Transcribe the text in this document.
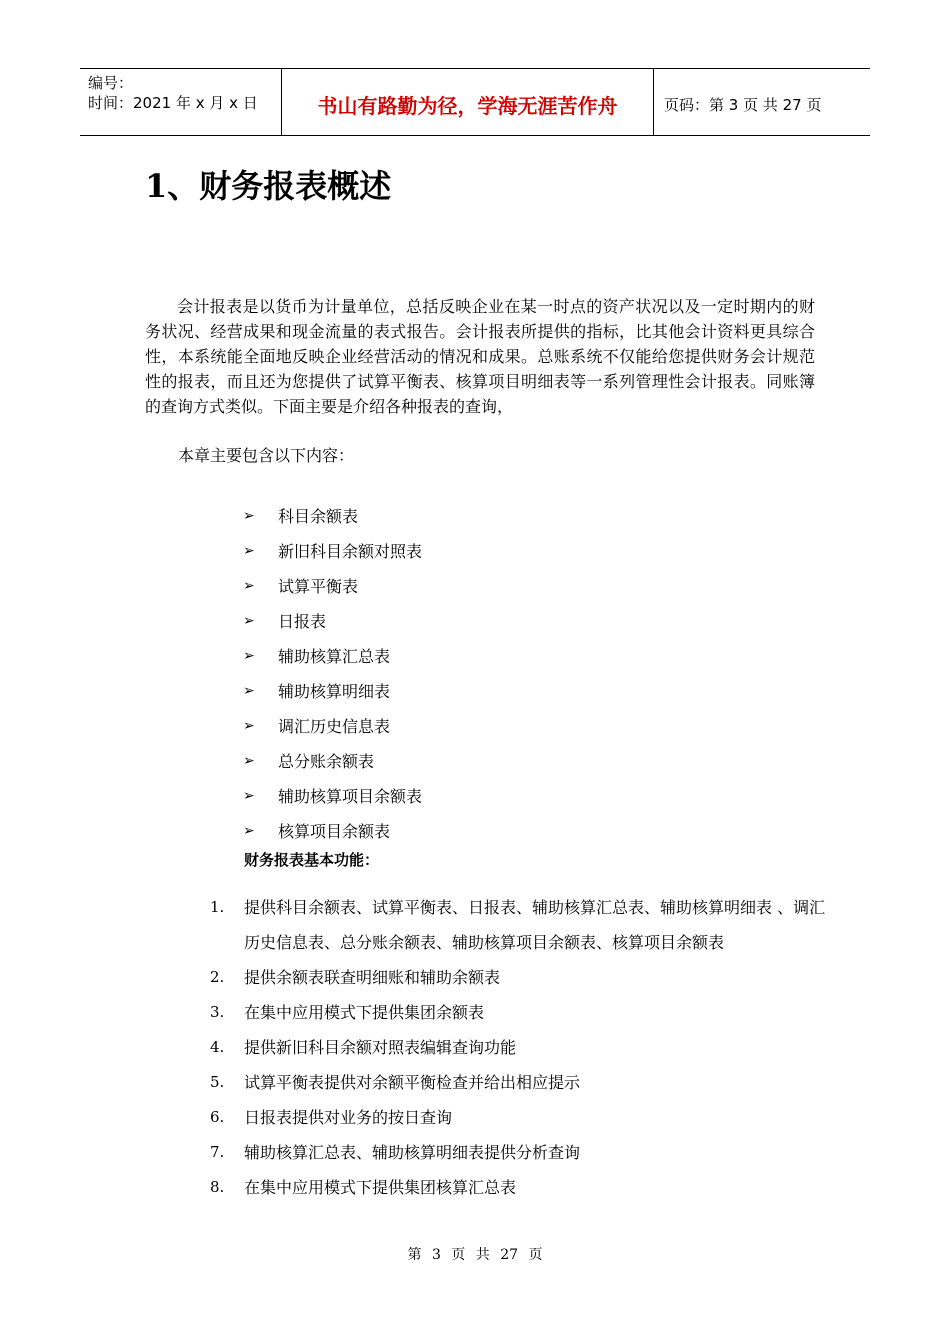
编号：
时间：2021 年 x 月 x 日	书山有路勤为径，学海无涯苦作舟	页码：第 3 页 共 27 页
1、财务报表概述

会计报表是以货币为计量单位，总括反映企业在某一时点的资产状况以及一定时期内的财务状况、经营成果和现金流量的表式报告。会计报表所提供的指标，比其他会计资料更具综合性，本系统能全面地反映企业经营活动的情况和成果。总账系统不仅能给您提供财务会计规范性的报表，而且还为您提供了试算平衡表、核算项目明细表等一系列管理性会计报表。同账簿的查询方式类似。下面主要是介绍各种报表的查询，

本章主要包含以下内容：

➢	科目余额表
➢	新旧科目余额对照表
➢	试算平衡表
➢	日报表
➢	辅助核算汇总表
➢	辅助核算明细表
➢	调汇历史信息表
➢	总分账余额表
➢	辅助核算项目余额表
➢	核算项目余额表

财务报表基本功能：

1.	提供科目余额表、试算平衡表、日报表、辅助核算汇总表、辅助核算明细表 、调汇历史信息表、总分账余额表、辅助核算项目余额表、核算项目余额表
2.	提供余额表联查明细账和辅助余额表
3.	在集中应用模式下提供集团余额表
4.	提供新旧科目余额对照表编辑查询功能
5.	试算平衡表提供对余额平衡检查并给出相应提示
6.	日报表提供对业务的按日查询
7.	辅助核算汇总表、辅助核算明细表提供分析查询
8.	在集中应用模式下提供集团核算汇总表
第 3 页 共 27 页
